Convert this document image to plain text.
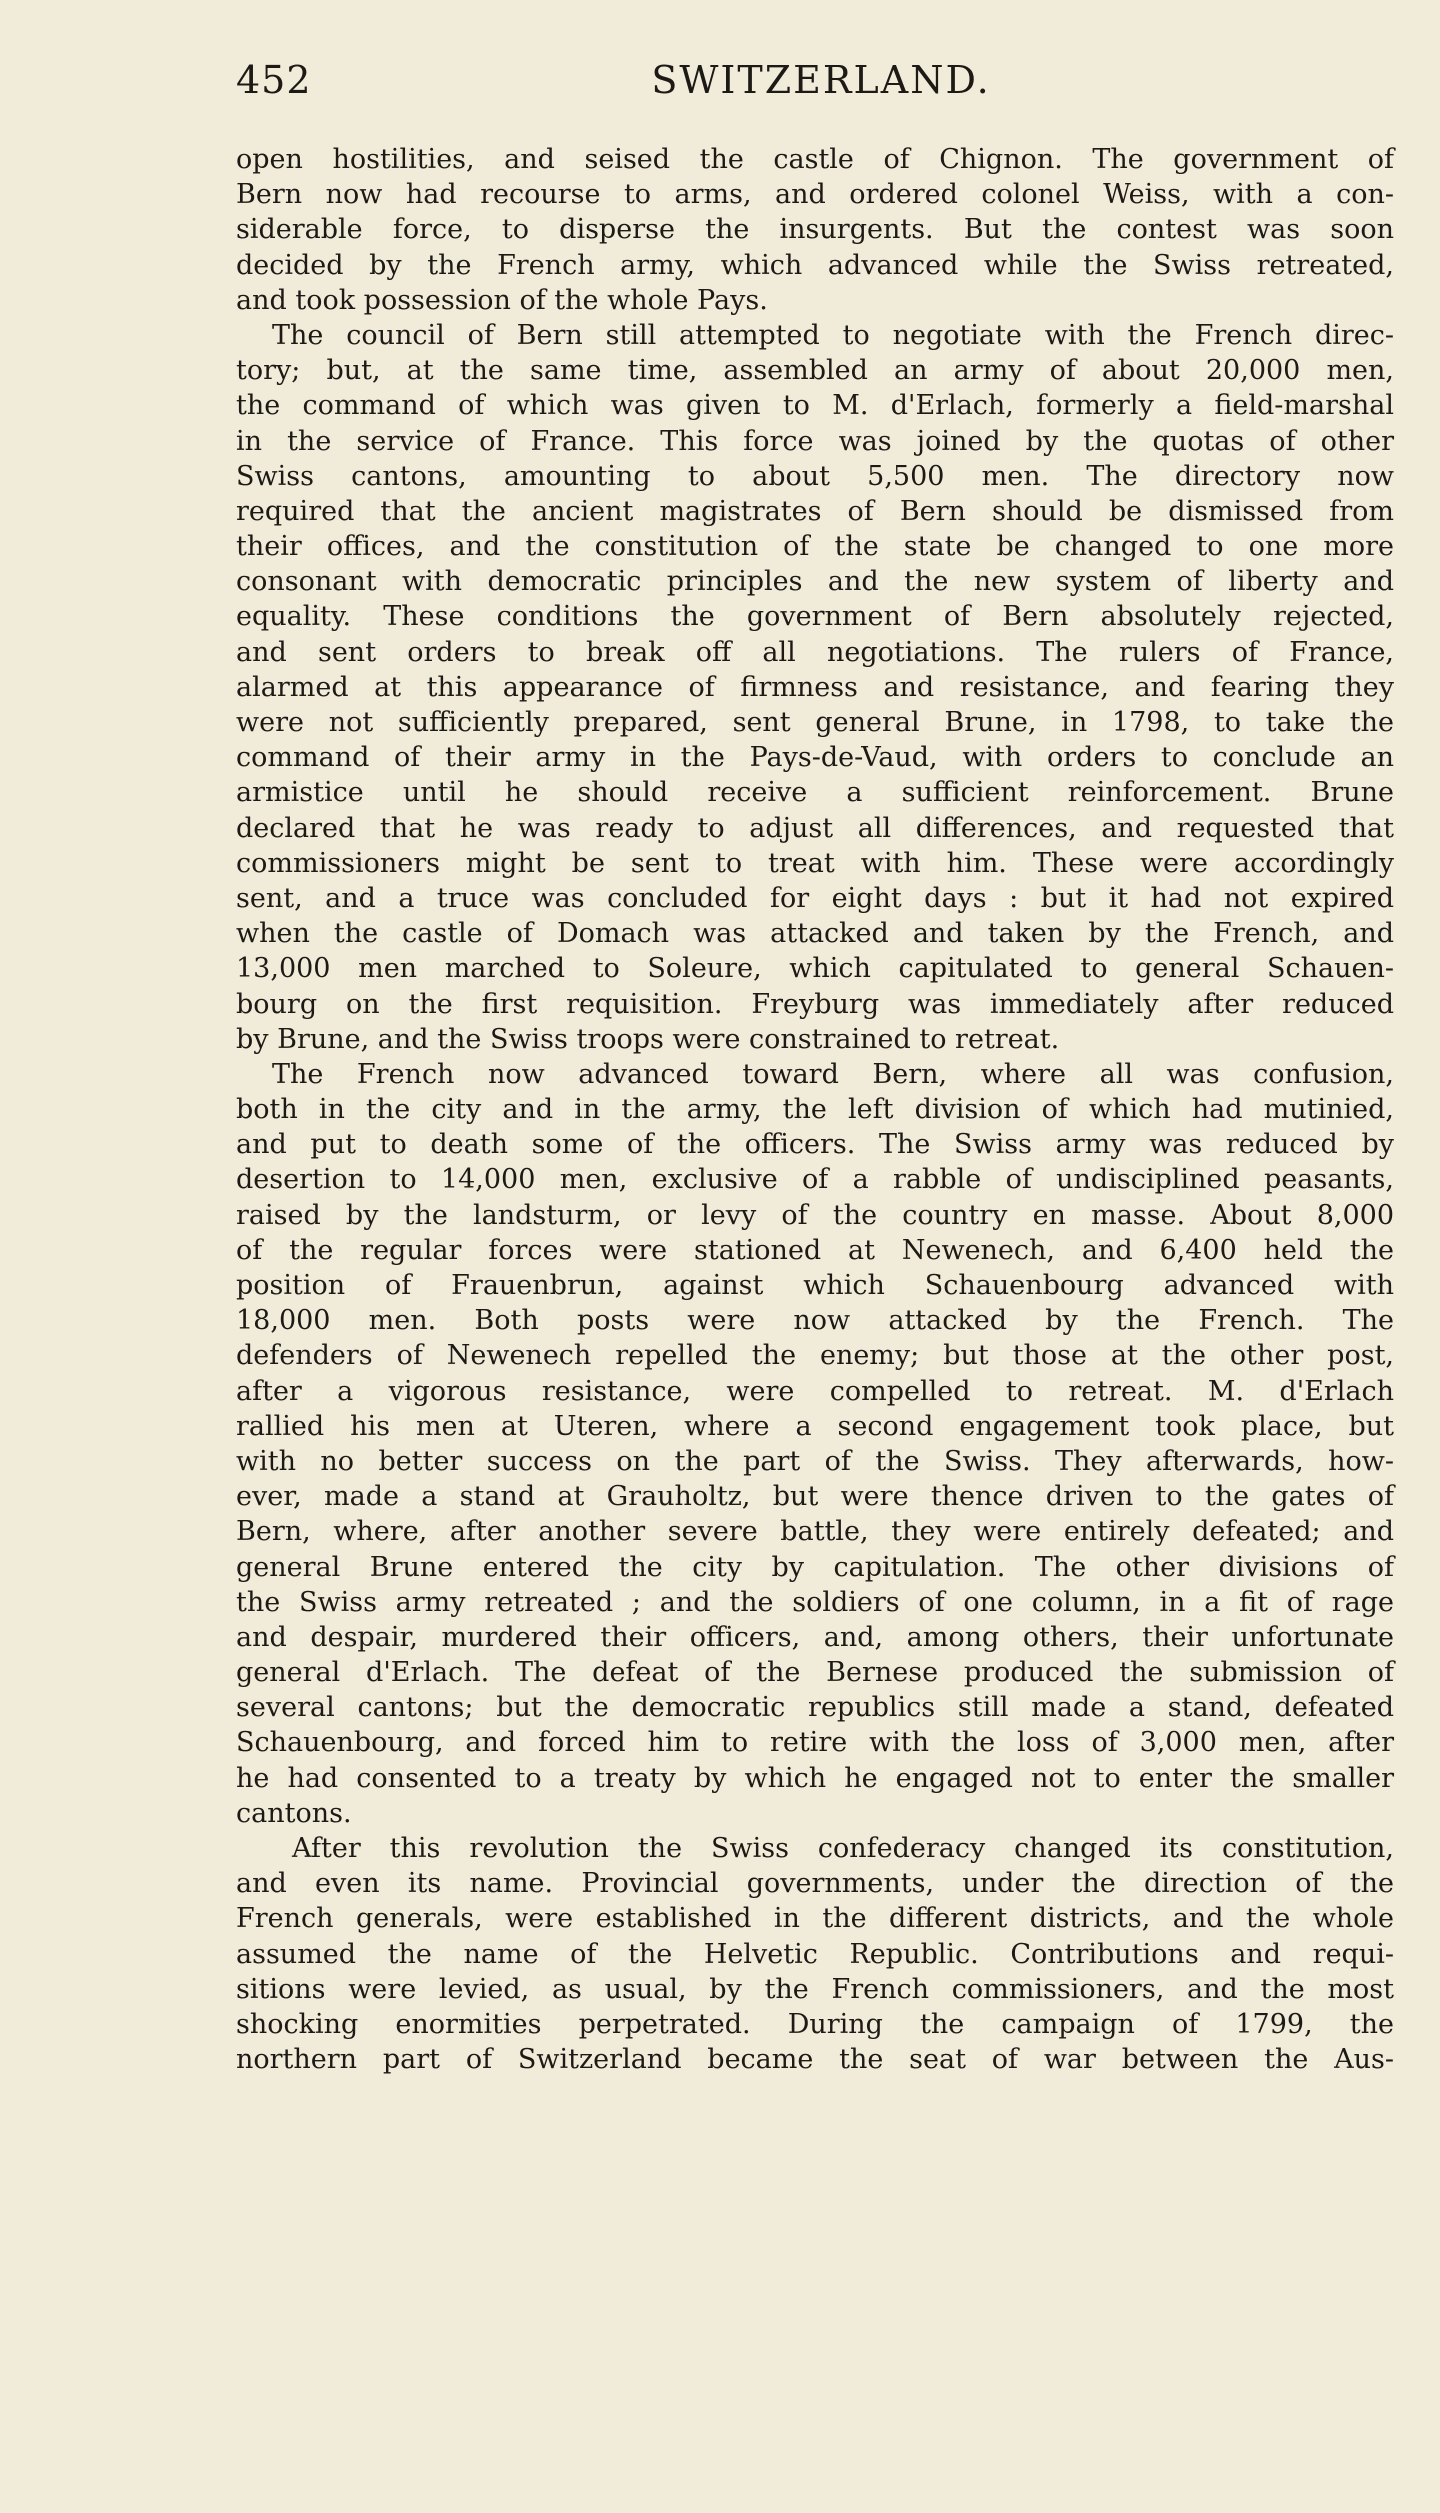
452	SWITZERLAND.
open hostilities, and seised the castle of Chignon. The government of
Bern now had recourse to arms, and ordered colonel Weiss, with a con-
siderable force, to disperse the insurgents. But the contest was soon
decided by the French army, which advanced while the Swiss retreated,
and took possession of the whole Pays.
The council of Bern still attempted to negotiate with the French direc-
tory; but, at the same time, assembled an army of about 20,000 men,
the command of which was given to M. d'Erlach, formerly a field-marshal
in the service of France. This force was joined by the quotas of other
Swiss cantons, amounting to about 5,500 men. The directory now
required that the ancient magistrates of Bern should be dismissed from
their offices, and the constitution of the state be changed to one more
consonant with democratic principles and the new system of liberty and
equality. These conditions the government of Bern absolutely rejected,
and sent orders to break off all negotiations. The rulers of France,
alarmed at this appearance of firmness and resistance, and fearing they
were not sufficiently prepared, sent general Brune, in 1798, to take the
command of their army in the Pays-de-Vaud, with orders to conclude an
armistice until he should receive a sufficient reinforcement. Brune
declared that he was ready to adjust all differences, and requested that
commissioners might be sent to treat with him. These were accordingly
sent, and a truce was concluded for eight days : but it had not expired
when the castle of Domach was attacked and taken by the French, and
13,000 men marched to Soleure, which capitulated to general Schauen-
bourg on the first requisition. Freyburg was immediately after reduced
by Brune, and the Swiss troops were constrained to retreat.
The French now advanced toward Bern, where all was confusion,
both in the city and in the army, the left division of which had mutinied,
and put to death some of the officers. The Swiss army was reduced by
desertion to 14,000 men, exclusive of a rabble of undisciplined peasants,
raised by the landsturm, or levy of the country en masse. About 8,000
of the regular forces were stationed at Newenech, and 6,400 held the
position of Frauenbrun, against which Schauenbourg advanced with
18,000 men. Both posts were now attacked by the French. The
defenders of Newenech repelled the enemy; but those at the other post,
after a vigorous resistance, were compelled to retreat. M. d'Erlach
rallied his men at Uteren, where a second engagement took place, but
with no better success on the part of the Swiss. They afterwards, how-
ever, made a stand at Grauholtz, but were thence driven to the gates of
Bern, where, after another severe battle, they were entirely defeated; and
general Brune entered the city by capitulation. The other divisions of
the Swiss army retreated ; and the soldiers of one column, in a fit of rage
and despair, murdered their officers, and, among others, their unfortunate
general d'Erlach. The defeat of the Bernese produced the submission of
several cantons; but the democratic republics still made a stand, defeated
Schauenbourg, and forced him to retire with the loss of 3,000 men, after
he had consented to a treaty by which he engaged not to enter the smaller
cantons.
After this revolution the Swiss confederacy changed its constitution,
and even its name. Provincial governments, under the direction of the
French generals, were established in the different districts, and the whole
assumed the name of the Helvetic Republic. Contributions and requi-
sitions were levied, as usual, by the French commissioners, and the most
shocking enormities perpetrated. During the campaign of 1799, the
northern part of Switzerland became the seat of war between the Aus-
